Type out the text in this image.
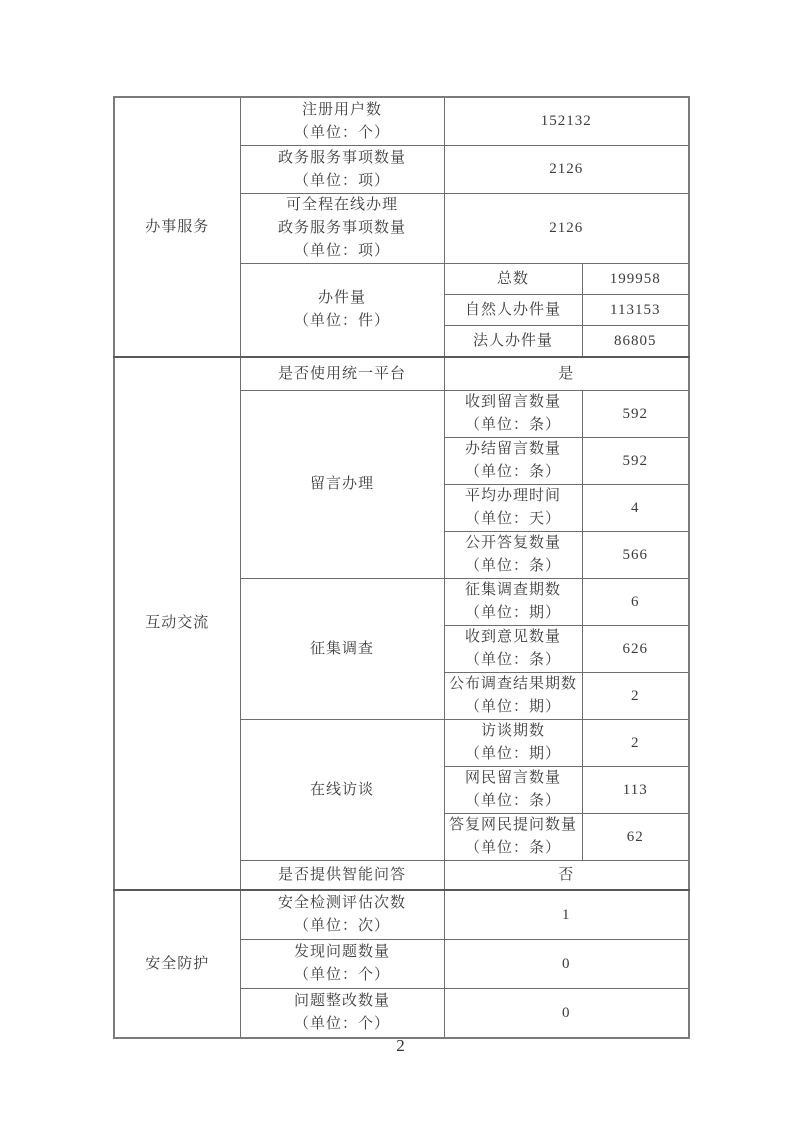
办事服务	注册用户数
（单位：个）	152132	

	政务服务事项数量
（单位：项）	2126	

	可全程在线办理
政务服务事项数量
（单位：项）	2126	

	办件量
（单位：件）	总数	199958
		自然人办件量	113153
		法人办件量	86805

互动交流	是否使用统一平台	是	
	留言办理	收到留言数量
（单位：条）	592

		办结留言数量
（单位：条）	592

		平均办理时间
（单位：天）	4

		公开答复数量
（单位：条）	566
	征集调查	征集调查期数
（单位：期）	6

		收到意见数量
（单位：条）	626

		公布调查结果期数
（单位：期）	2
	在线访谈	访谈期数
（单位：期）	2

		网民留言数量
（单位：条）	113

		答复网民提问数量
（单位：条）	62
	是否提供智能问答	否	

安全防护	安全检测评估次数
（单位：次）	1	

	发现问题数量
（单位：个）	0	

	问题整改数量
（单位：个）	0	
2
